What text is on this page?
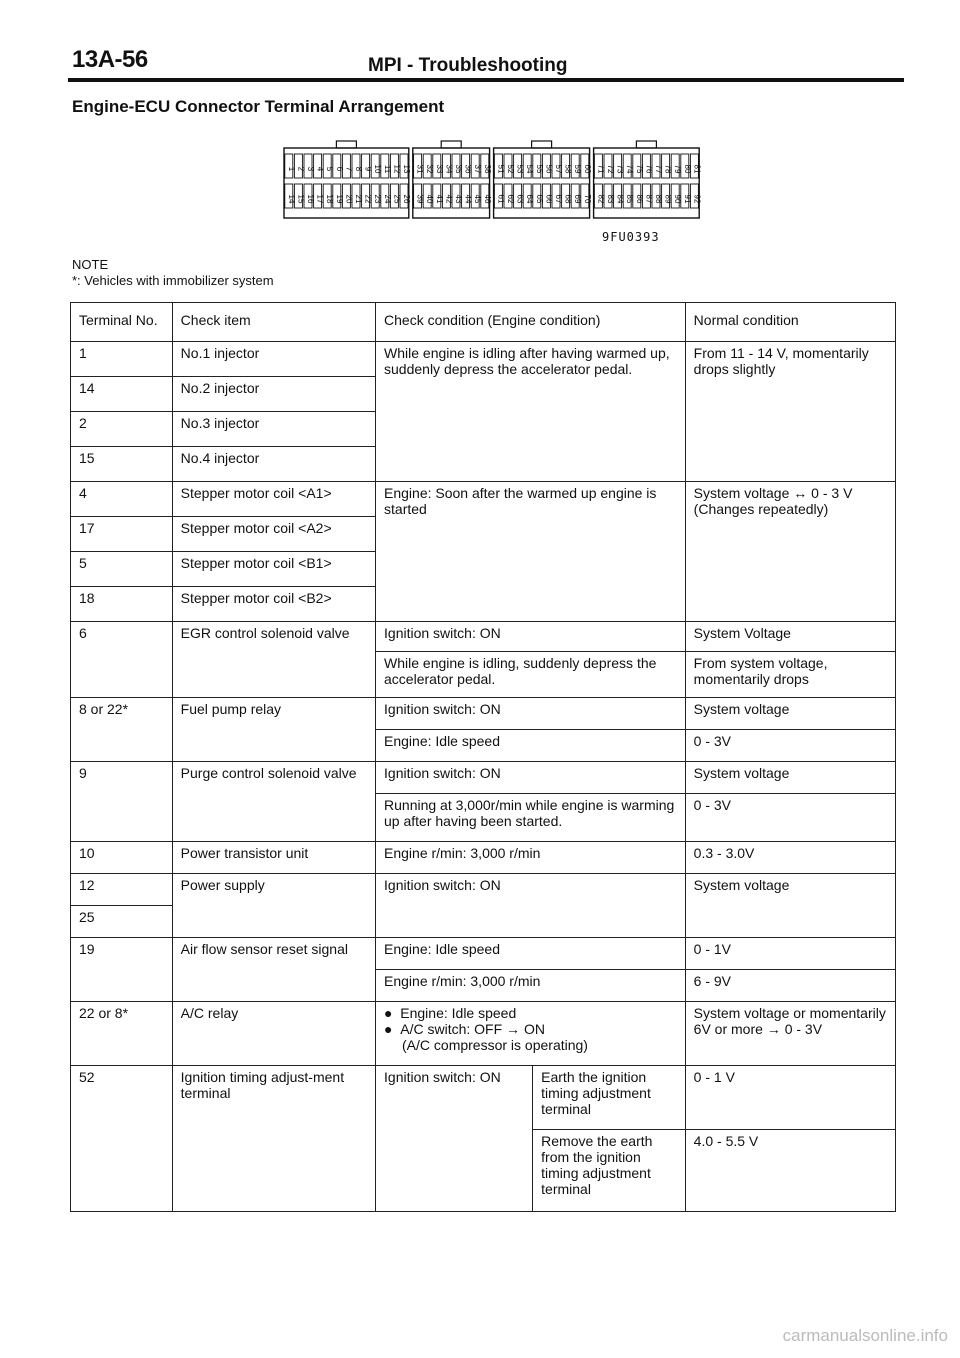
13A-56	MPI - Troubleshooting
Engine-ECU Connector Terminal Arrangement
1 2 3 4 5 6 7 8 9 10 11 12 13
14 15 16 17 18 19 20 21 22 23 24 25 26
31 32 33 34 35 36 37 38
39 40 41 42 43 44 45 46
51 52 53 54 55 56 57 58 59 60
61 62 63 64 65 66 67 68 69 70
71 72 73 74 75 76 77 78 79 80 81
82 83 84 85 86 87 88 89 90 91 92
9FU0393
NOTE
*: Vehicles with immobilizer system
Terminal No.	Check item	Check condition (Engine condition)		Normal condition
1	No.1 injector	While engine is idling after having warmed up, suddenly depress the accelerator pedal.		From 11 - 14 V, momentarily drops slightly
14	No.2 injector			
2	No.3 injector			
15	No.4 injector			
4	Stepper motor coil <A1>	Engine: Soon after the warmed up engine is started		System voltage ↔ 0 - 3 V (Changes repeatedly)
17	Stepper motor coil <A2>			
5	Stepper motor coil <B1>			
18	Stepper motor coil <B2>			
6	EGR control solenoid valve	Ignition switch: ON		System Voltage
		While engine is idling, suddenly depress the accelerator pedal.		From system voltage, momentarily drops
8 or 22*	Fuel pump relay	Ignition switch: ON		System voltage
		Engine: Idle speed		0 - 3V
9	Purge control solenoid valve	Ignition switch: ON		System voltage
		Running at 3,000r/min while engine is warming up after having been started.		0 - 3V
10	Power transistor unit	Engine r/min: 3,000 r/min		0.3 - 3.0V
12	Power supply	Ignition switch: ON		System voltage
25				
19	Air flow sensor reset signal	Engine: Idle speed		0 - 1V
		Engine r/min: 3,000 r/min		6 - 9V
22 or 8*	A/C relay	●  Engine: Idle speed
●  A/C switch: OFF → ON
(A/C compressor is operating)		System voltage or momentarily 6V or more → 0 - 3V
52	Ignition timing adjust-ment terminal	Ignition switch: ON	Earth the ignition timing adjustment terminal	0 - 1 V
			Remove the earth from the ignition timing adjustment terminal	4.0 - 5.5 V
carmanualsonline.info
